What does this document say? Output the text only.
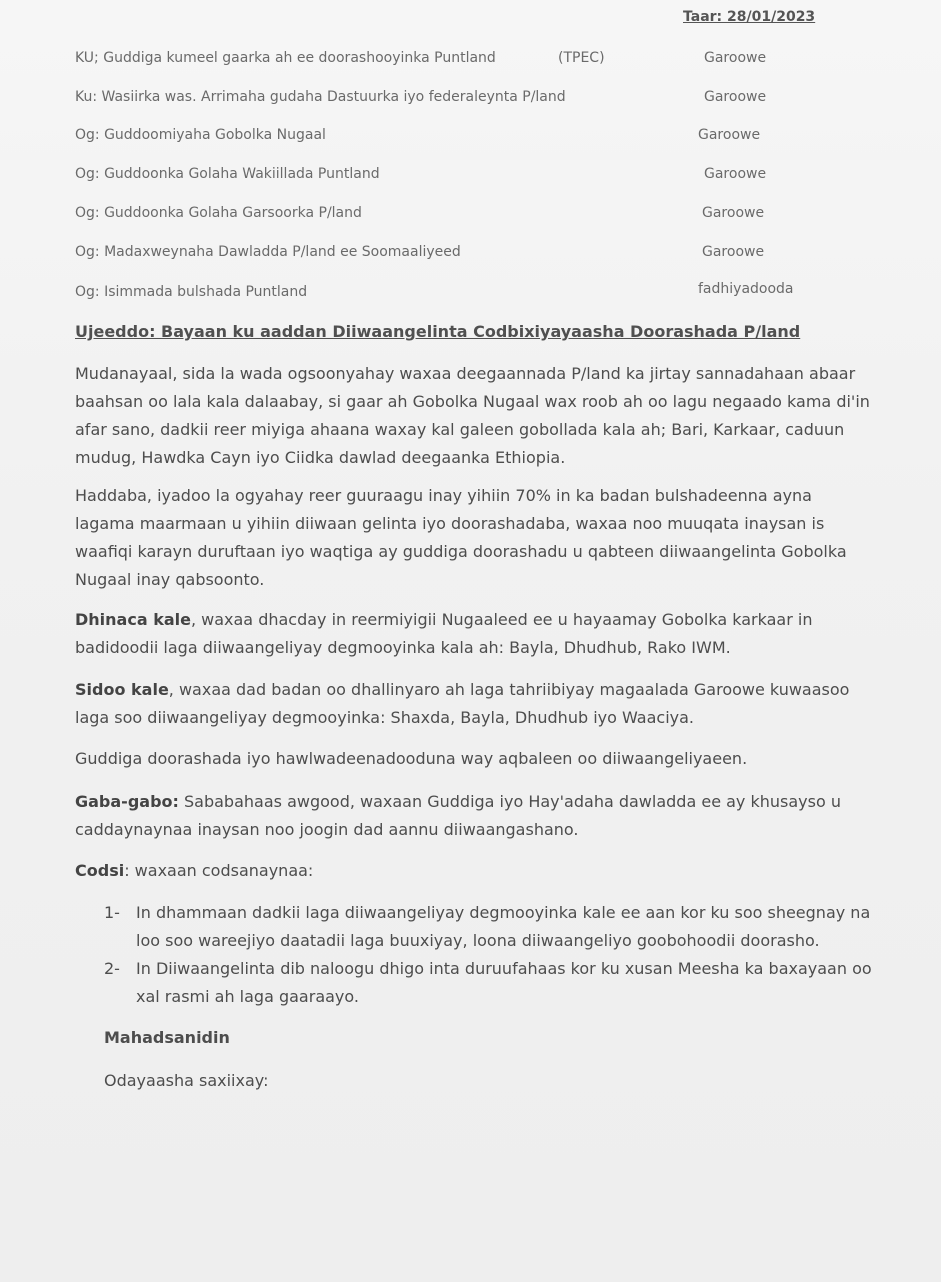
Taar: 28/01/2023
KU; Guddiga kumeel gaarka ah ee doorashooyinka Puntland	(TPEC)	Garoowe
Ku: Wasiirka was. Arrimaha gudaha Dastuurka iyo federaleynta P/land	Garoowe
Og: Guddoomiyaha Gobolka Nugaal	Garoowe
Og: Guddoonka Golaha Wakiillada Puntland	Garoowe
Og: Guddoonka Golaha Garsoorka P/land	Garoowe
Og: Madaxweynaha Dawladda P/land ee Soomaaliyeed	Garoowe
Og: Isimmada bulshada Puntland	fadhiyadooda
Ujeeddo: Bayaan ku aaddan Diiwaangelinta Codbixiyayaasha Doorashada P/land

Mudanayaal, sida la wada ogsoonyahay waxaa deegaannada P/land ka jirtay sannadahaan abaar baahsan oo lala kala dalaabay, si gaar ah Gobolka Nugaal wax roob ah oo lagu negaado kama di'in afar sano, dadkii reer miyiga ahaana waxay kal galeen gobollada kala ah; Bari, Karkaar, caduun mudug, Hawdka Cayn iyo Ciidka dawlad deegaanka Ethiopia.

Haddaba, iyadoo la ogyahay reer guuraagu inay yihiin 70% in ka badan bulshadeenna ayna lagama maarmaan u yihiin diiwaan gelinta iyo doorashadaba, waxaa noo muuqata inaysan is waafiqi karayn duruftaan iyo waqtiga ay guddiga doorashadu u qabteen diiwaangelinta Gobolka Nugaal inay qabsoonto.

Dhinaca kale, waxaa dhacday in reermiyigii Nugaaleed ee u hayaamay Gobolka karkaar in badidoodii laga diiwaangeliyay degmooyinka kala ah: Bayla, Dhudhub, Rako IWM.

Sidoo kale, waxaa dad badan oo dhallinyaro ah laga tahriibiyay magaalada Garoowe kuwaasoo laga soo diiwaangeliyay degmooyinka: Shaxda, Bayla, Dhudhub iyo Waaciya.

Guddiga doorashada iyo hawlwadeenadooduna way aqbaleen oo diiwaangeliyaeen.

Gaba-gabo: Sababahaas awgood, waxaan Guddiga iyo Hay'adaha dawladda ee ay khusayso u caddaynaynaa inaysan noo joogin dad aannu diiwaangashano.

Codsi: waxaan codsanaynaa:

1- In dhammaan dadkii laga diiwaangeliyay degmooyinka kale ee aan kor ku soo sheegnay na loo soo wareejiyo daatadii laga buuxiyay, loona diiwaangeliyo goobohoodii doorasho.
2- In Diiwaangelinta dib naloogu dhigo inta duruufahaas kor ku xusan Meesha ka baxayaan oo xal rasmi ah laga gaaraayo.
Mahadsanidin
Odayaasha saxiixay:
